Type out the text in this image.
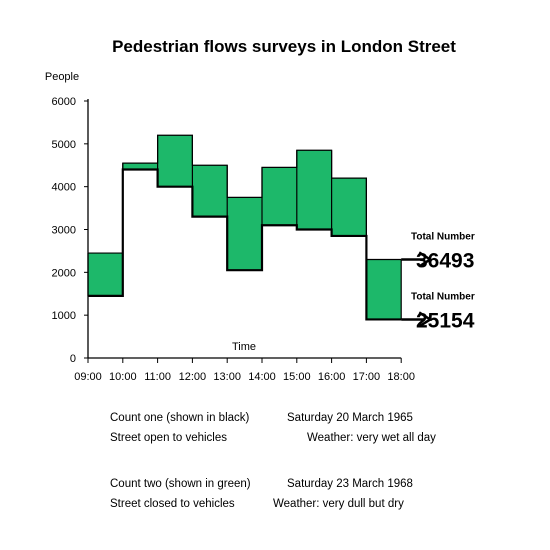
Pedestrian flows surveys in London Street
People
0
1000
2000
3000
4000
5000
6000
09:00 10:00 11:00 12:00 13:00 14:00 15:00 16:00 17:00 18:00
Time
Total Number
36493
Total Number
25154
Count one (shown in black)	Saturday 20 March 1965
Street open to vehicles	Weather: very wet all day
Count two (shown in green)	Saturday 23 March 1968
Street closed to vehicles	Weather: very dull but dry
